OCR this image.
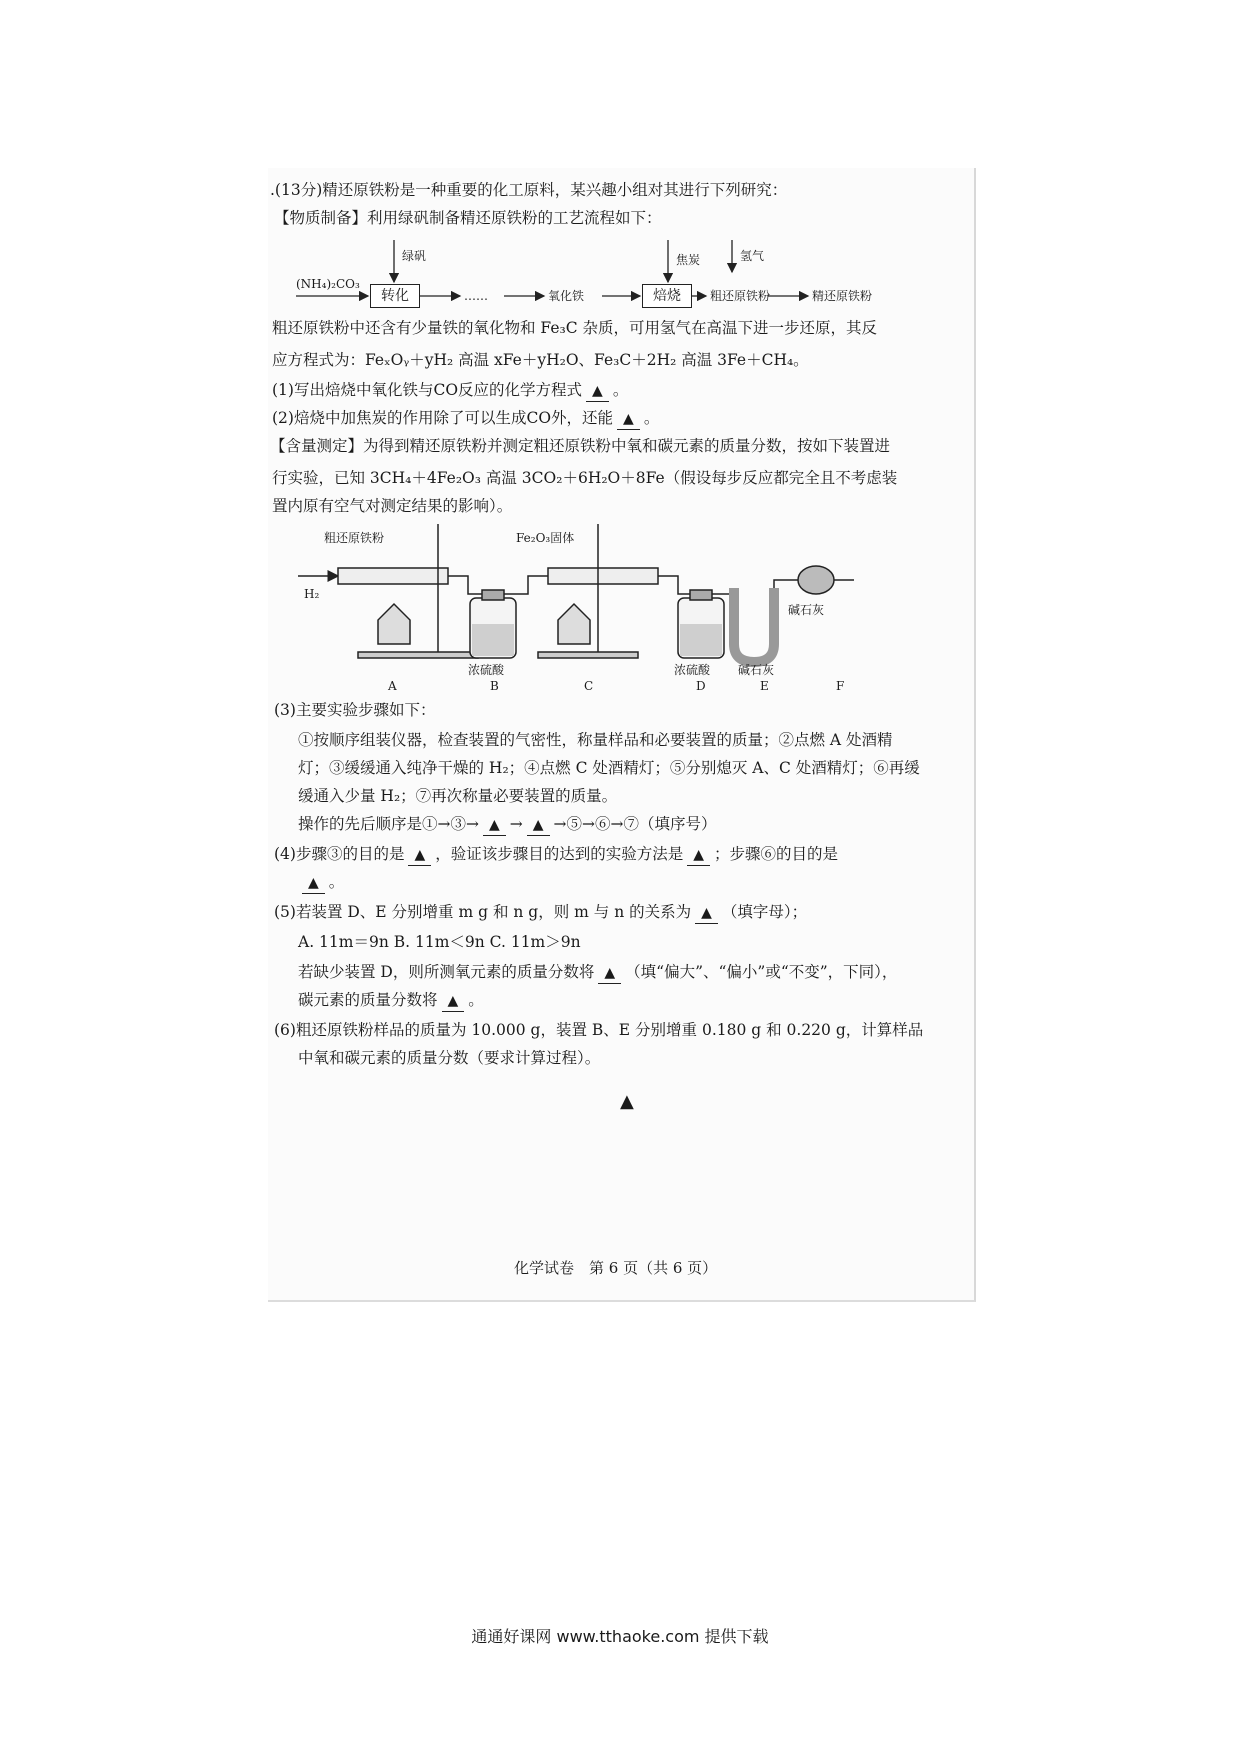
.(13分)精还原铁粉是一种重要的化工原料，某兴趣小组对其进行下列研究：
【物质制备】利用绿矾制备精还原铁粉的工艺流程如下：
(NH₄)₂CO₃
绿矾
转化	……	氧化铁
焦炭
焙烧	粗还原铁粉
氢气
精还原铁粉
粗还原铁粉中还含有少量铁的氧化物和 Fe₃C 杂质，可用氢气在高温下进一步还原，其反
应方程式为：FeₓOᵧ＋yH₂ 高温 xFe＋yH₂O、Fe₃C＋2H₂ 高温 3Fe＋CH₄。
(1)写出焙烧中氧化铁与CO反应的化学方程式 ▲ 。
(2)焙烧中加焦炭的作用除了可以生成CO外，还能 ▲ 。
【含量测定】为得到精还原铁粉并测定粗还原铁粉中氧和碳元素的质量分数，按如下装置进
行实验，已知 3CH₄＋4Fe₂O₃ 高温 3CO₂＋6H₂O＋8Fe（假设每步反应都完全且不考虑装
置内原有空气对测定结果的影响）。
粗还原铁粉
H₂
Fe₂O₃固体
碱石灰
浓硫酸	浓硫酸 碱石灰
A	B	C	D	E	F
(3)主要实验步骤如下：
①按顺序组装仪器，检查装置的气密性，称量样品和必要装置的质量；②点燃 A 处酒精
灯；③缓缓通入纯净干燥的 H₂；④点燃 C 处酒精灯；⑤分别熄灭 A、C 处酒精灯；⑥再缓
缓通入少量 H₂；⑦再次称量必要装置的质量。
操作的先后顺序是①→③→ ▲ → ▲ →⑤→⑥→⑦（填序号）
(4)步骤③的目的是 ▲ ，验证该步骤目的达到的实验方法是 ▲ ；步骤⑥的目的是
▲。
(5)若装置 D、E 分别增重 m g 和 n g，则 m 与 n 的关系为 ▲ （填字母）；
A. 11m＝9n B. 11m＜9n C. 11m＞9n
若缺少装置 D，则所测氧元素的质量分数将 ▲ （填“偏大”、“偏小”或“不变”，下同），
碳元素的质量分数将 ▲ 。
(6)粗还原铁粉样品的质量为 10.000 g，装置 B、E 分别增重 0.180 g 和 0.220 g，计算样品
中氧和碳元素的质量分数（要求计算过程）。
▲
化学试卷　第 6 页（共 6 页）
通通好课网 www.tthaoke.com 提供下载
